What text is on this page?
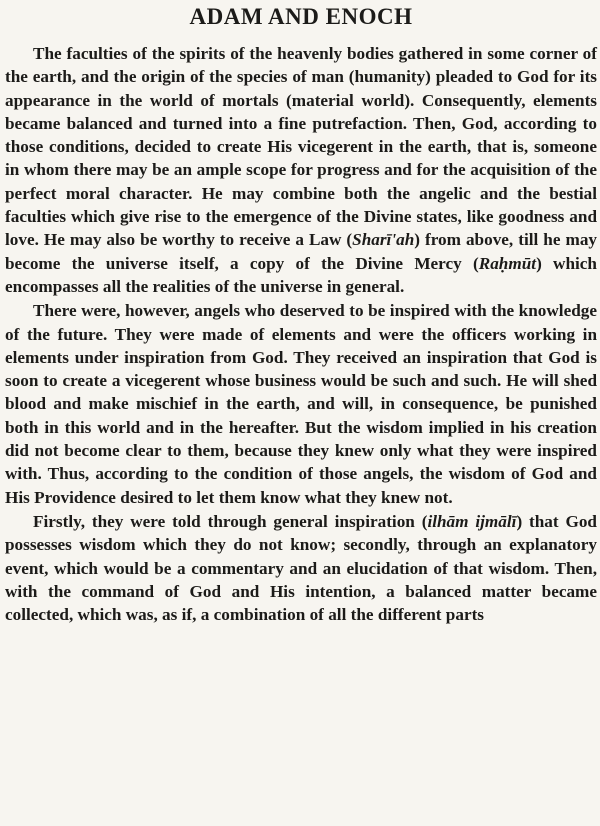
ADAM AND ENOCH

The faculties of the spirits of the heavenly bodies gathered in some corner of the earth, and the origin of the species of man (humanity) pleaded to God for its appearance in the world of mortals (material world). Consequently, elements became balanced and turned into a fine putrefaction. Then, God, according to those conditions, decided to create His vicegerent in the earth, that is, someone in whom there may be an ample scope for progress and for the acquisition of the perfect moral character. He may combine both the angelic and the bestial faculties which give rise to the emergence of the Divine states, like goodness and love. He may also be worthy to receive a Law (Sharī'ah) from above, till he may become the universe itself, a copy of the Divine Mercy (Raḥmūt) which encompasses all the realities of the universe in general.

There were, however, angels who deserved to be inspired with the knowledge of the future. They were made of elements and were the officers working in elements under inspiration from God. They received an inspiration that God is soon to create a vicegerent whose business would be such and such. He will shed blood and make mischief in the earth, and will, in consequence, be punished both in this world and in the hereafter. But the wisdom implied in his creation did not become clear to them, because they knew only what they were inspired with. Thus, according to the condition of those angels, the wisdom of God and His Providence desired to let them know what they knew not.

Firstly, they were told through general inspiration (ilhām ijmālī) that God possesses wisdom which they do not know; secondly, through an explanatory event, which would be a commentary and an elucidation of that wisdom. Then, with the command of God and His intention, a balanced matter became collected, which was, as if, a combination of all the different parts
